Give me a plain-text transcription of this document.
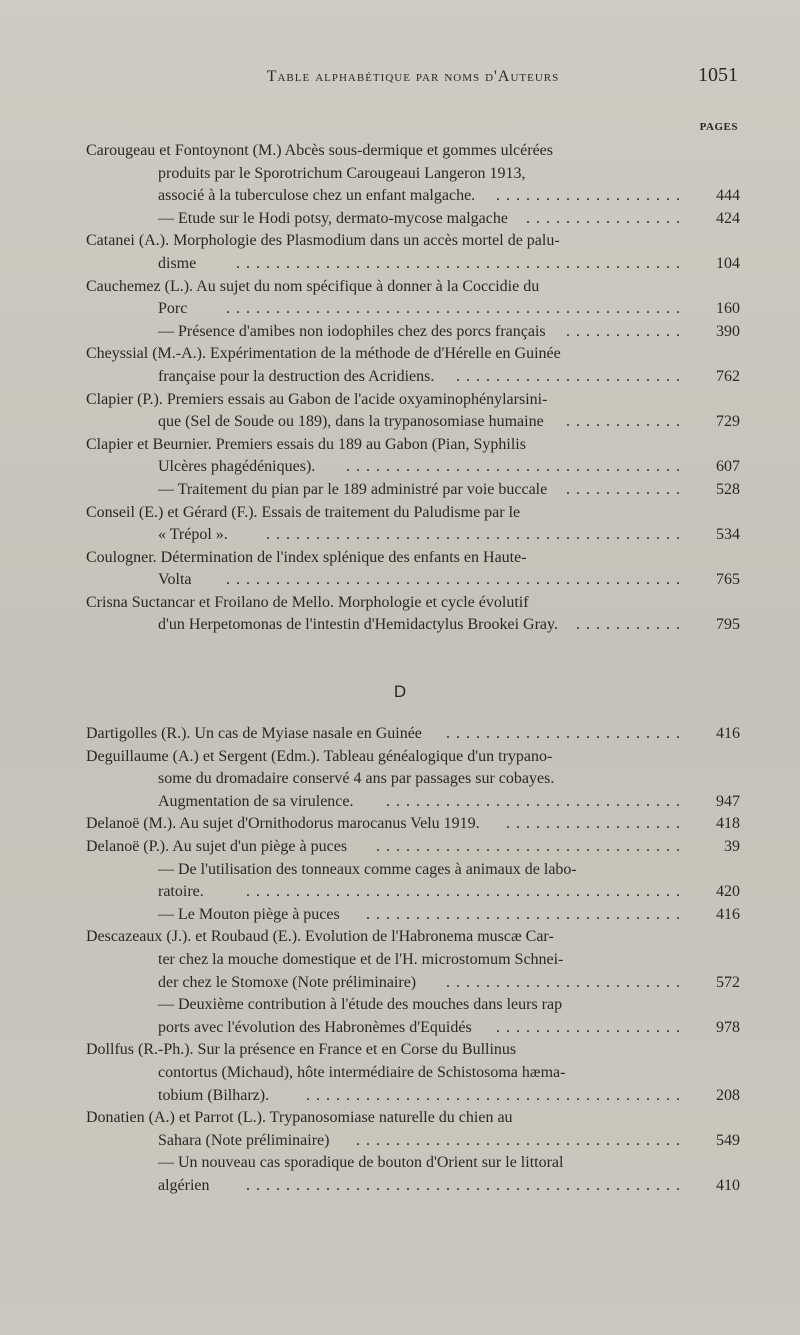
Table alphabétique par noms d'Auteurs	1051
PAGES
Carougeau et Fontoynont (M.) Abcès sous-dermique et gommes ulcérées
produits par le Sporotrichum Carougeaui Langeron 1913,
associé à la tuberculose chez un enfant malgache. ................... 444
— Etude sur le Hodi potsy, dermato-mycose malgache ................ 424
Catanei (A.). Morphologie des Plasmodium dans un accès mortel de palu-
disme ............................................. 104
Cauchemez (L.). Au sujet du nom spécifique à donner à la Coccidie du
Porc .............................................. 160
— Présence d'amibes non iodophiles chez des porcs français ............ 390
Cheyssial (M.-A.). Expérimentation de la méthode de d'Hérelle en Guinée
française pour la destruction des Acridiens. ....................... 762
Clapier (P.). Premiers essais au Gabon de l'acide oxyaminophénylarsini-
que (Sel de Soude ou 189), dans la trypanosomiase humaine ............ 729
Clapier et Beurnier. Premiers essais du 189 au Gabon (Pian, Syphilis
Ulcères phagédéniques). .................................. 607
— Traitement du pian par le 189 administré par voie buccale ............ 528
Conseil (E.) et Gérard (F.). Essais de traitement du Paludisme par le
« Trépol ». .......................................... 534
Coulogner. Détermination de l'index splénique des enfants en Haute-
Volta .............................................. 765
Crisna Suctancar et Froilano de Mello. Morphologie et cycle évolutif
d'un Herpetomonas de l'intestin d'Hemidactylus Brookei Gray. ........... 795
D
Dartigolles (R.). Un cas de Myiase nasale en Guinée ........................ 416
Deguillaume (A.) et Sergent (Edm.). Tableau généalogique d'un trypano-
some du dromadaire conservé 4 ans par passages sur cobayes.
Augmentation de sa virulence. .............................. 947
Delanoë (M.). Au sujet d'Ornithodorus marocanus Velu 1919. .................. 418
Delanoë (P.). Au sujet d'un piège à puces ............................... 39
— De l'utilisation des tonneaux comme cages à animaux de labo-
ratoire.	............................................ 420
— Le Mouton piège à puces ................................ 416
Descazeaux (J.). et Roubaud (E.). Evolution de l'Habronema muscæ Car-
ter chez la mouche domestique et de l'H. microstomum Schnei-
der chez le Stomoxe (Note préliminaire) ........................ 572
— Deuxième contribution à l'étude des mouches dans leurs rap
ports avec l'évolution des Habronèmes d'Equidés ................... 978
Dollfus (R.-Ph.). Sur la présence en France et en Corse du Bullinus
contortus (Michaud), hôte intermédiaire de Schistosoma hæma-
tobium (Bilharz). ...................................... 208
Donatien (A.) et Parrot (L.). Trypanosomiase naturelle du chien au
Sahara (Note préliminaire) ................................. 549
— Un nouveau cas sporadique de bouton d'Orient sur le littoral
algérien ............................................ 410
